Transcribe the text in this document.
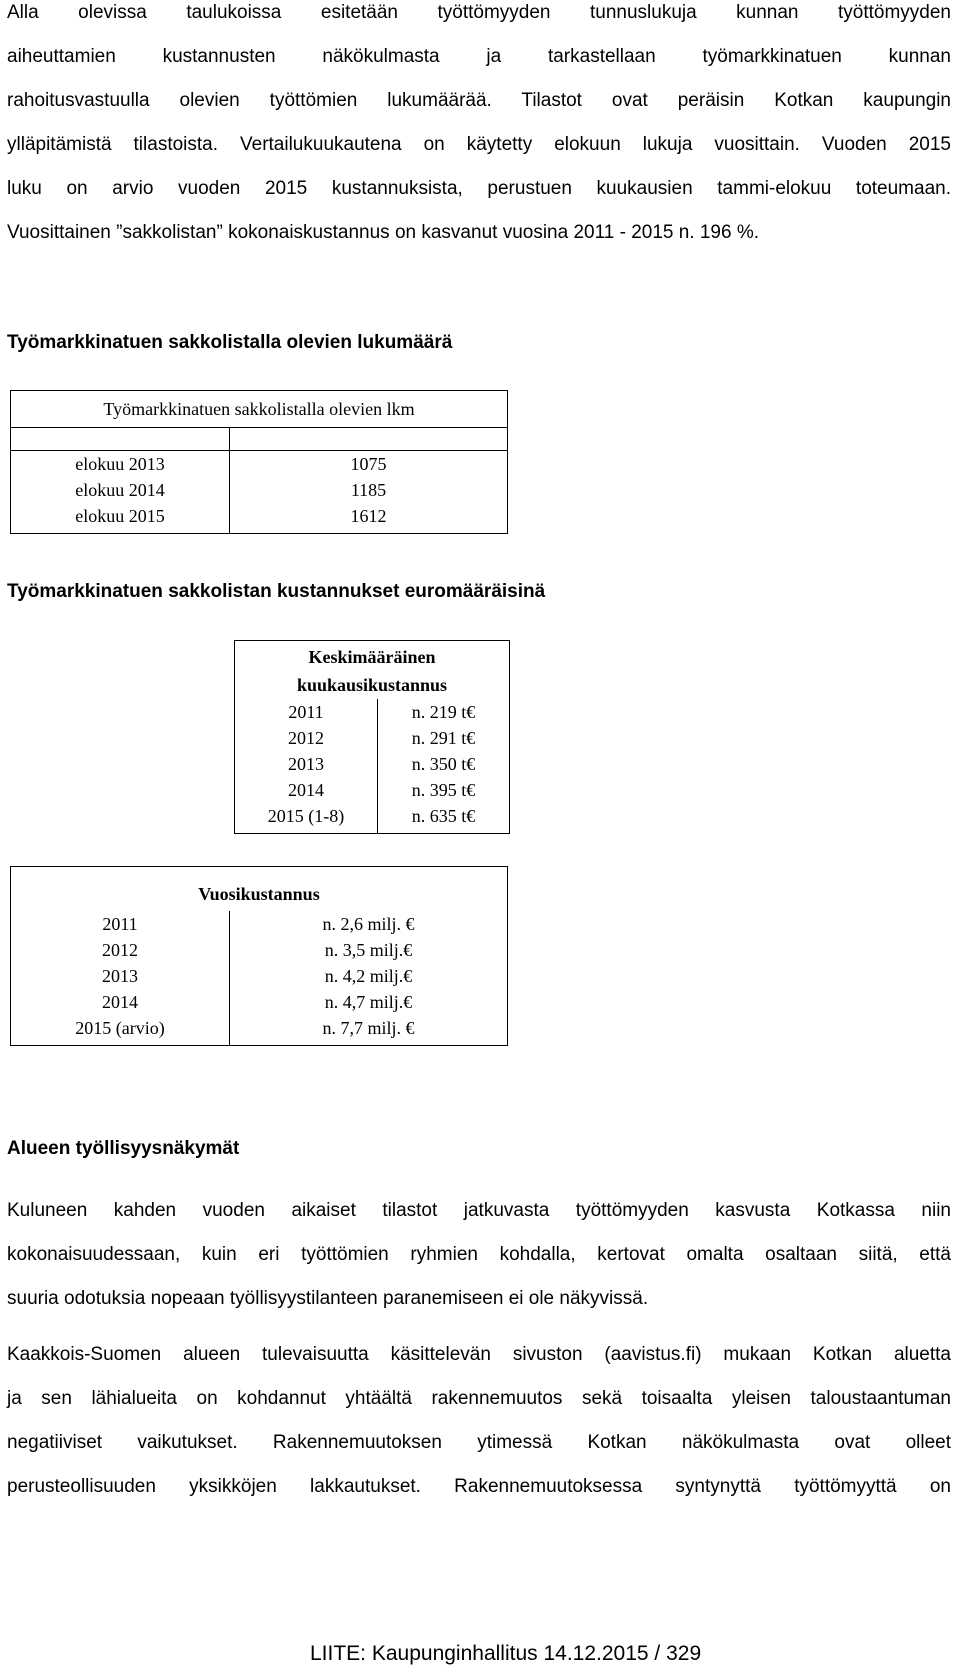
Alla olevissa taulukoissa esitetään työttömyyden tunnuslukuja kunnan työttömyyden
aiheuttamien kustannusten näkökulmasta ja tarkastellaan työmarkkinatuen kunnan
rahoitusvastuulla olevien työttömien lukumäärää. Tilastot ovat peräisin Kotkan kaupungin
ylläpitämistä tilastoista. Vertailukuukautena on käytetty elokuun lukuja vuosittain. Vuoden 2015
luku on arvio vuoden 2015 kustannuksista, perustuen kuukausien tammi-elokuu toteumaan.
Vuosittainen ”sakkolistan” kokonaiskustannus on kasvanut vuosina 2011 - 2015 n. 196 %.
Työmarkkinatuen sakkolistalla olevien lukumäärä
Työmarkkinatuen sakkolistalla olevien lkm	

elokuu 2013	1075
elokuu 2014	1185
elokuu 2015	1612
Työmarkkinatuen sakkolistan kustannukset euromääräisinä
Keskimääräinen kuukausikustannus	
2011	n. 219 t€
2012	n. 291 t€
2013	n. 350 t€
2014	n. 395 t€
2015 (1-8)	n. 635 t€
Vuosikustannus	
2011	n. 2,6 milj. €
2012	n. 3,5 milj.€
2013	n. 4,2 milj.€
2014	n. 4,7 milj.€
2015 (arvio)	n. 7,7 milj. €
Alueen työllisyysnäkymät
Kuluneen kahden vuoden aikaiset tilastot jatkuvasta työttömyyden kasvusta Kotkassa niin
kokonaisuudessaan, kuin eri työttömien ryhmien kohdalla, kertovat omalta osaltaan siitä, että
suuria odotuksia nopeaan työllisyystilanteen paranemiseen ei ole näkyvissä.
Kaakkois-Suomen alueen tulevaisuutta käsittelevän sivuston (aavistus.fi) mukaan Kotkan aluetta
ja sen lähialueita on kohdannut yhtäältä rakennemuutos sekä toisaalta yleisen taloustaantuman
negatiiviset vaikutukset. Rakennemuutoksen ytimessä Kotkan näkökulmasta ovat olleet
perusteollisuuden yksikköjen lakkautukset. Rakennemuutoksessa syntynyttä työttömyyttä on
LIITE: Kaupunginhallitus 14.12.2015 / 329
